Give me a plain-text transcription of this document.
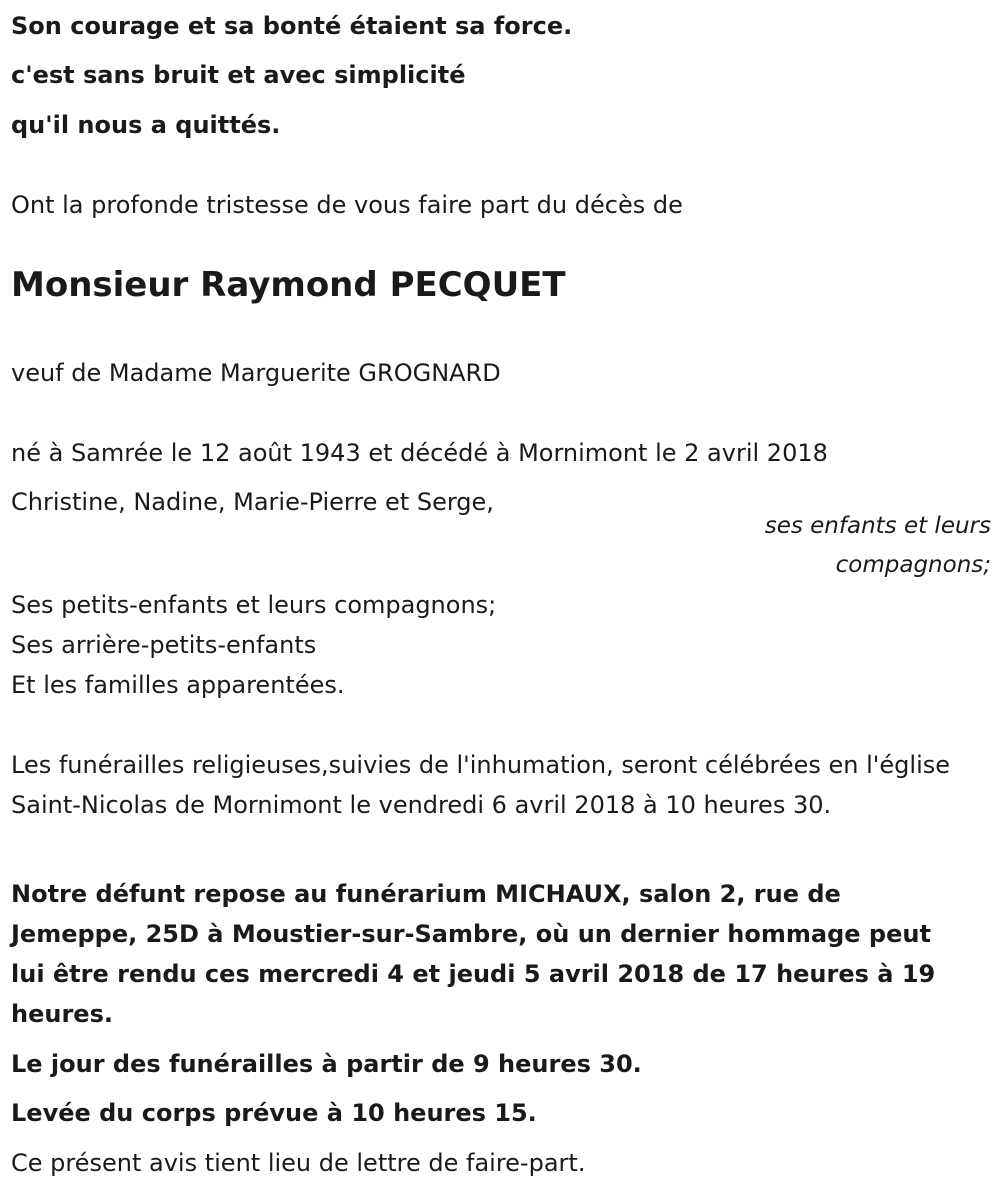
Son courage et sa bonté étaient sa force.
c'est sans bruit et avec simplicité
qu'il nous a quittés.
Ont la profonde tristesse de vous faire part du décès de
Monsieur Raymond PECQUET
veuf de Madame Marguerite GROGNARD
né à Samrée le 12 août 1943 et décédé à Mornimont le 2 avril 2018
Christine, Nadine, Marie-Pierre et Serge,
ses enfants et leurs compagnons;
Ses petits-enfants et leurs compagnons;
Ses arrière-petits-enfants
Et les familles apparentées.
Les funérailles religieuses,suivies de l'inhumation, seront célébrées en l'église Saint-Nicolas de Mornimont le vendredi 6 avril 2018 à 10 heures 30.
Notre défunt repose au funérarium MICHAUX, salon 2, rue de Jemeppe, 25D à Moustier-sur-Sambre, où un dernier hommage peut lui être rendu ces mercredi 4 et jeudi 5 avril 2018 de 17 heures à 19 heures.
Le jour des funérailles à partir de 9 heures 30.
Levée du corps prévue à 10 heures 15.
Ce présent avis tient lieu de lettre de faire-part.
